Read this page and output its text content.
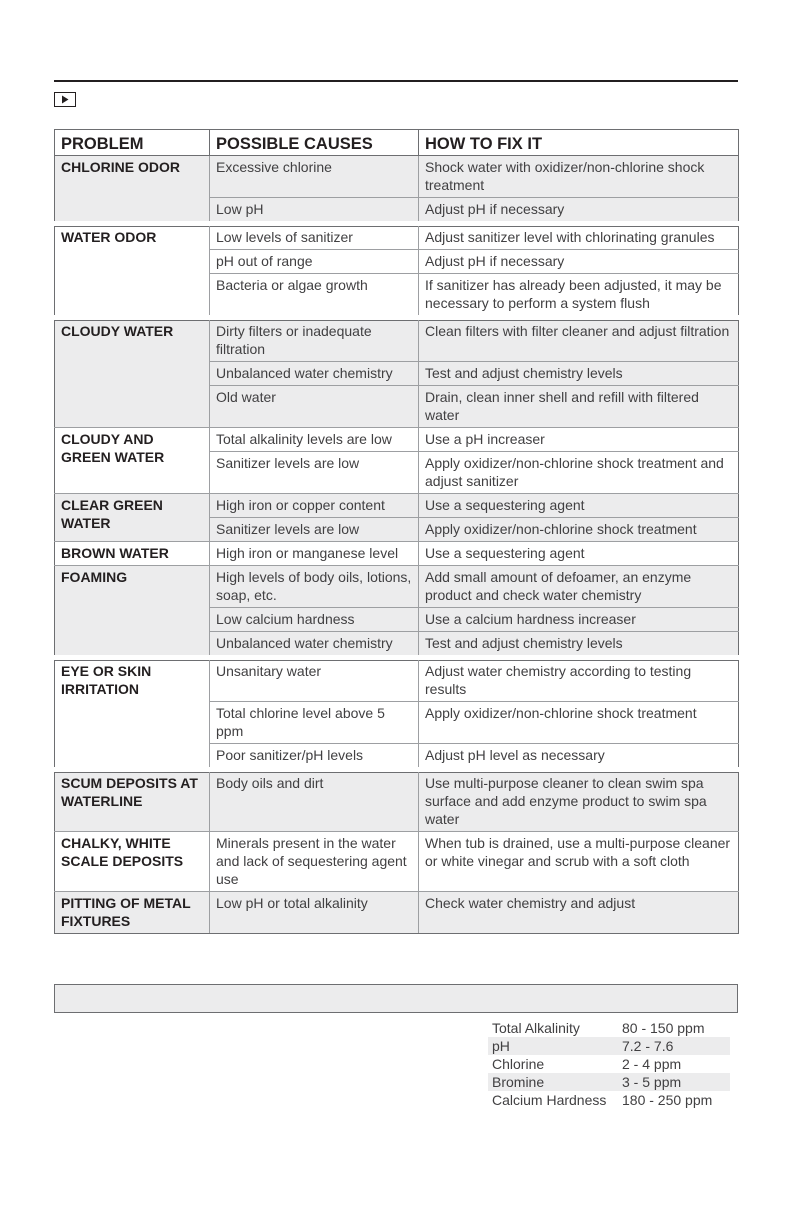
PROBLEM	POSSIBLE CAUSES	HOW TO FIX IT
CHLORINE ODOR	Excessive chlorine	Shock water with oxidizer/non-chlorine shock treatment
	Low pH	Adjust pH if necessary
WATER ODOR	Low levels of sanitizer	Adjust sanitizer level with chlorinating granules
	pH out of range	Adjust pH if necessary
	Bacteria or algae growth	If sanitizer has already been adjusted, it may be necessary to perform a system flush
CLOUDY WATER	Dirty filters or inadequate filtration	Clean filters with filter cleaner and adjust filtration
	Unbalanced water chemistry	Test and adjust chemistry levels
	Old water	Drain, clean inner shell and refill with filtered water
CLOUDY AND GREEN WATER	Total alkalinity levels are low	Use a pH increaser
	Sanitizer levels are low	Apply oxidizer/non-chlorine shock treatment and adjust sanitizer
CLEAR GREEN WATER	High iron or copper content	Use a sequestering agent
	Sanitizer levels are low	Apply oxidizer/non-chlorine shock treatment
BROWN WATER	High iron or manganese level	Use a sequestering agent
FOAMING	High levels of body oils, lotions, soap, etc.	Add small amount of defoamer, an enzyme product and check water chemistry
	Low calcium hardness	Use a calcium hardness increaser
	Unbalanced water chemistry	Test and adjust chemistry levels
EYE OR SKIN IRRITATION	Unsanitary water	Adjust water chemistry according to testing results
	Total chlorine level above 5 ppm	Apply oxidizer/non-chlorine shock treatment
	Poor sanitizer/pH levels	Adjust pH level as necessary
SCUM DEPOSITS AT WATERLINE	Body oils and dirt	Use multi-purpose cleaner to clean swim spa surface and add enzyme product to swim spa water
CHALKY, WHITE SCALE DEPOSITS	Minerals present in the water and lack of sequestering agent use	When tub is drained, use a multi-purpose cleaner or white vinegar and scrub with a soft cloth
PITTING OF METAL FIXTURES	Low pH or total alkalinity	Check water chemistry and adjust
Total Alkalinity	80 - 150 ppm
pH	7.2 - 7.6
Chlorine	2 - 4 ppm
Bromine	3 - 5 ppm
Calcium Hardness	180 - 250 ppm
